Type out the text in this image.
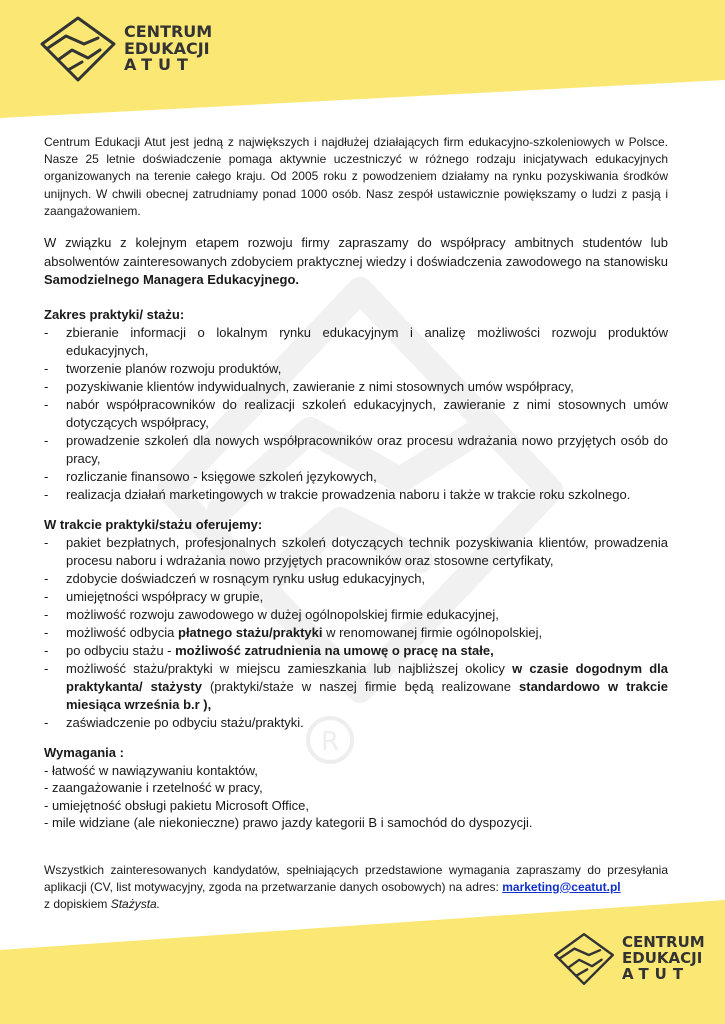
CENTRUM
EDUKACJI
ATUT
R

Centrum Edukacji Atut jest jedną z największych i najdłużej działających firm edukacyjno-szkoleniowych w Polsce. Nasze 25 letnie doświadczenie pomaga aktywnie uczestniczyć w różnego rodzaju inicjatywach edukacyjnych organizowanych na terenie całego kraju. Od 2005 roku z powodzeniem działamy na rynku pozyskiwania środków unijnych. W chwili obecnej zatrudniamy ponad 1000 osób. Nasz zespół ustawicznie powiększamy o ludzi z pasją i zaangażowaniem.

W związku z kolejnym etapem rozwoju firmy zapraszamy do współpracy ambitnych studentów lub absolwentów zainteresowanych zdobyciem praktycznej wiedzy i doświadczenia zawodowego na stanowisku Samodzielnego Managera Edukacyjnego.

Zakres praktyki/ stażu:

- zbieranie informacji o lokalnym rynku edukacyjnym i analizę możliwości rozwoju produktów edukacyjnych,
- tworzenie planów rozwoju produktów,
- pozyskiwanie klientów indywidualnych, zawieranie z nimi stosownych umów współpracy,
- nabór współpracowników do realizacji szkoleń edukacyjnych, zawieranie z nimi stosownych umów dotyczących współpracy,
- prowadzenie szkoleń dla nowych współpracowników oraz procesu wdrażania nowo przyjętych osób do pracy,
- rozliczanie finansowo - księgowe szkoleń językowych,
- realizacja działań marketingowych w trakcie prowadzenia naboru i także w trakcie roku szkolnego.

W trakcie praktyki/stażu oferujemy:

- pakiet bezpłatnych, profesjonalnych szkoleń dotyczących technik pozyskiwania klientów, prowadzenia procesu naboru i wdrażania nowo przyjętych pracowników oraz stosowne certyfikaty,
- zdobycie doświadczeń w rosnącym rynku usług edukacyjnych,
- umiejętności współpracy w grupie,
- możliwość rozwoju zawodowego w dużej ogólnopolskiej firmie edukacyjnej,
- możliwość odbycia płatnego stażu/praktyki w renomowanej firmie ogólnopolskiej,
- po odbyciu stażu - możliwość zatrudnienia na umowę o pracę na stałe,
- możliwość stażu/praktyki w miejscu zamieszkania lub najbliższej okolicy w czasie dogodnym dla praktykanta/ stażysty (praktyki/staże w naszej firmie będą realizowane standardowo w trakcie miesiąca września b.r ),
- zaświadczenie po odbyciu stażu/praktyki.

Wymagania :

- łatwość w nawiązywaniu kontaktów,
- zaangażowanie i rzetelność w pracy,
- umiejętność obsługi pakietu Microsoft Office,
- mile widziane (ale niekonieczne) prawo jazdy kategorii B i samochód do dyspozycji.

Wszystkich zainteresowanych kandydatów, spełniających przedstawione wymagania zapraszamy do przesyłania aplikacji (CV, list motywacyjny, zgoda na przetwarzanie danych osobowych) na adres: marketing@ceatut.pl
z dopiskiem Stażysta.

CENTRUM
EDUKACJI
ATUT
